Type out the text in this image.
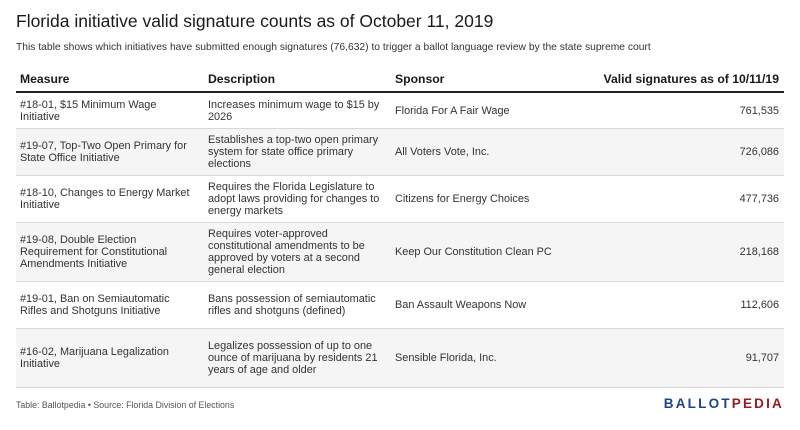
Florida initiative valid signature counts as of October 11, 2019
This table shows which initiatives have submitted enough signatures (76,632) to trigger a ballot language review by the state supreme court
Measure	Description	Sponsor	Valid signatures as of 10/11/19
#18-01, $15 Minimum Wage Initiative	Increases minimum wage to $15 by 2026	Florida For A Fair Wage	761,535
#19-07, Top-Two Open Primary for State Office Initiative	Establishes a top-two open primary system for state office primary elections	All Voters Vote, Inc.	726,086
#18-10, Changes to Energy Market Initiative	Requires the Florida Legislature to adopt laws providing for changes to energy markets	Citizens for Energy Choices	477,736
#19-08, Double Election Requirement for Constitutional Amendments Initiative	Requires voter-approved constitutional amendments to be approved by voters at a second general election	Keep Our Constitution Clean PC	218,168
#19-01, Ban on Semiautomatic Rifles and Shotguns Initiative	Bans possession of semiautomatic rifles and shotguns (defined)	Ban Assault Weapons Now	112,606
#16-02, Marijuana Legalization Initiative	Legalizes possession of up to one ounce of marijuana by residents 21 years of age and older	Sensible Florida, Inc.	91,707
Table: Ballotpedia • Source: Florida Division of Elections	BALLOTPEDIA
